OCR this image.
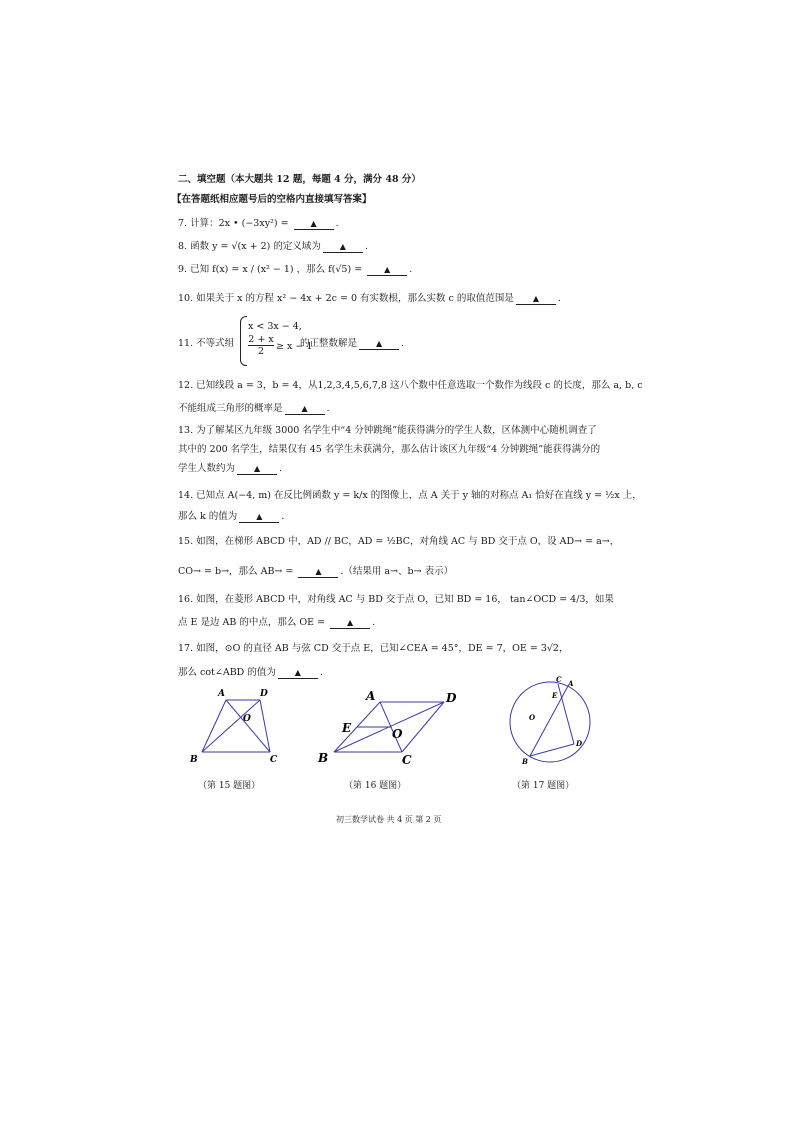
二、填空题（本大题共 12 题，每题 4 分，满分 48 分）
【在答题纸相应题号后的空格内直接填写答案】
7. 计算：2x • (−3xy²) = ▲ .
8. 函数 y = √(x + 2) 的定义域为 ▲ .
9. 已知 f(x) = x / (x² − 1) ，那么 f(√5) = ▲ .
10. 如果关于 x 的方程 x² − 4x + 2c = 0 有实数根，那么实数 c 的取值范围是 ▲ .
11. 不等式组
x < 3x − 4,
$\frac{2 + x}{2} \ge x - 1$
的正整数解是 ▲ .
12. 已知线段 a = 3，b = 4，从1,2,3,4,5,6,7,8 这八个数中任意选取一个数作为线段 c 的长度，那么 a, b, c
不能组成三角形的概率是 ▲ .
13. 为了解某区九年级 3000 名学生中“4 分钟跳绳”能获得满分的学生人数，区体测中心随机调查了
其中的 200 名学生，结果仅有 45 名学生未获满分，那么估计该区九年级“4 分钟跳绳”能获得满分的
学生人数约为 ▲ .
14. 已知点 A(−4, m) 在反比例函数 y = k/x 的图像上，点 A 关于 y 轴的对称点 A₁ 恰好在直线 y = ½x 上，
那么 k 的值为 ▲ .
15. 如图，在梯形 ABCD 中，AD // BC，AD = ½BC，对角线 AC 与 BD 交于点 O，设 AD→ = a→，
CO→ = b→，那么 AB→ = ▲ .（结果用 a→、b→ 表示）
16. 如图，在菱形 ABCD 中，对角线 AC 与 BD 交于点 O，已知 BD = 16， tan∠OCD = 4/3，如果
点 E 是边 AB 的中点，那么 OE = ▲ .
17. 如图，⊙O 的直径 AB 与弦 CD 交于点 E，已知∠CEA = 45°，DE = 7，OE = 3√2，
那么 cot∠ABD 的值为 ▲ .
A	D
O
B	C
（第 15 题图）
A	D
E	O
B	C
（第 16 题图）
C A
E
O
D
B
（第 17 题图）
初三数学试卷 共 4 页 第 2 页
